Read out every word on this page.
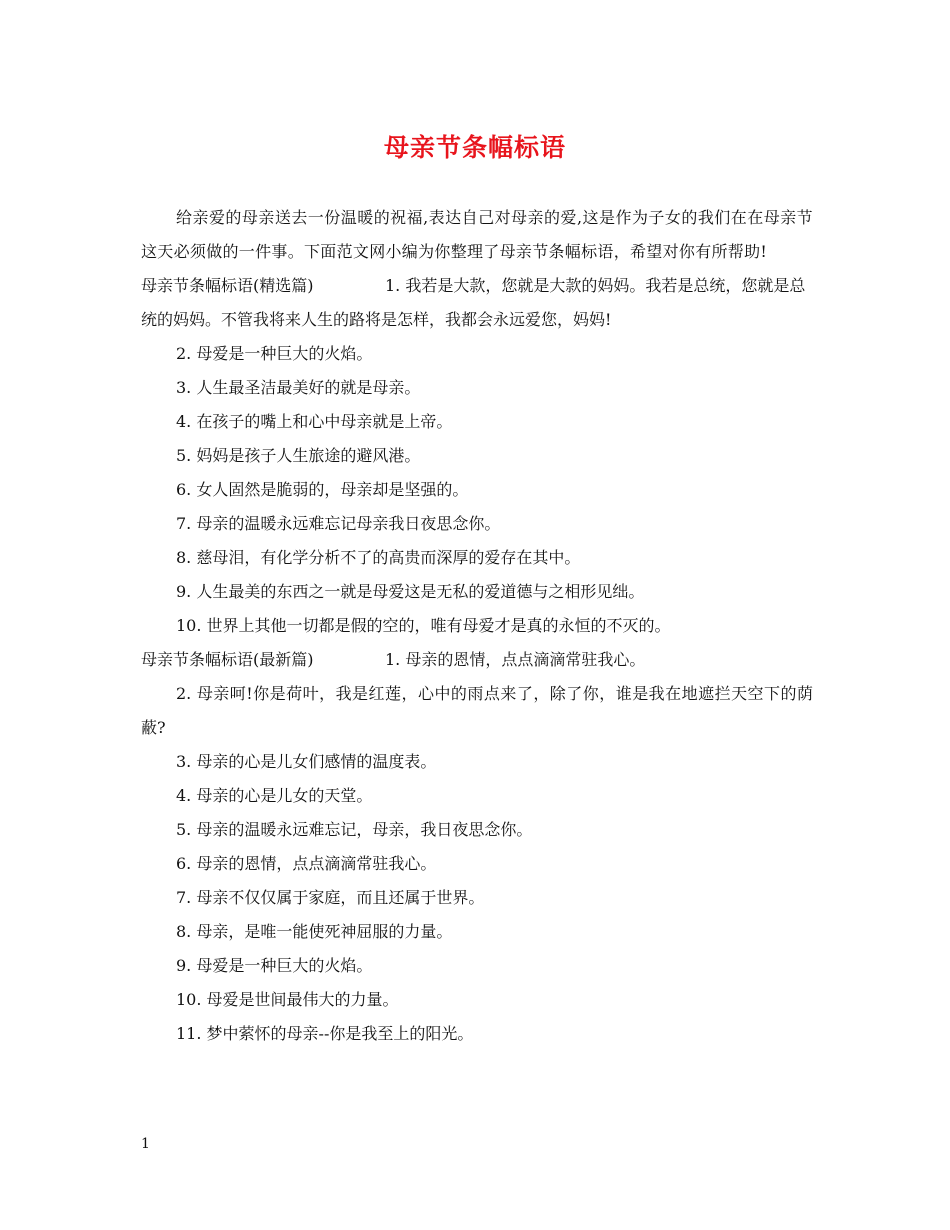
母亲节条幅标语

给亲爱的母亲送去一份温暖的祝福,表达自己对母亲的爱,这是作为子女的我们在在母亲节这天必须做的一件事。下面范文网小编为你整理了母亲节条幅标语，希望对你有所帮助!

母亲节条幅标语(精选篇)	1. 我若是大款，您就是大款的妈妈。我若是总统，您就是总统的妈妈。不管我将来人生的路将是怎样，我都会永远爱您，妈妈!

2. 母爱是一种巨大的火焰。

3. 人生最圣洁最美好的就是母亲。

4. 在孩子的嘴上和心中母亲就是上帝。

5. 妈妈是孩子人生旅途的避风港。

6. 女人固然是脆弱的，母亲却是坚强的。

7. 母亲的温暖永远难忘记母亲我日夜思念你。

8. 慈母泪，有化学分析不了的高贵而深厚的爱存在其中。

9. 人生最美的东西之一就是母爱这是无私的爱道德与之相形见绌。

10. 世界上其他一切都是假的空的，唯有母爱才是真的永恒的不灭的。

母亲节条幅标语(最新篇)	1. 母亲的恩情，点点滴滴常驻我心。

2. 母亲呵!你是荷叶，我是红莲，心中的雨点来了，除了你，谁是我在地遮拦天空下的荫蔽?

3. 母亲的心是儿女们感情的温度表。

4. 母亲的心是儿女的天堂。

5. 母亲的温暖永远难忘记，母亲，我日夜思念你。

6. 母亲的恩情，点点滴滴常驻我心。

7. 母亲不仅仅属于家庭，而且还属于世界。

8. 母亲，是唯一能使死神屈服的力量。

9. 母爱是一种巨大的火焰。

10. 母爱是世间最伟大的力量。

11. 梦中萦怀的母亲--你是我至上的阳光。

1
